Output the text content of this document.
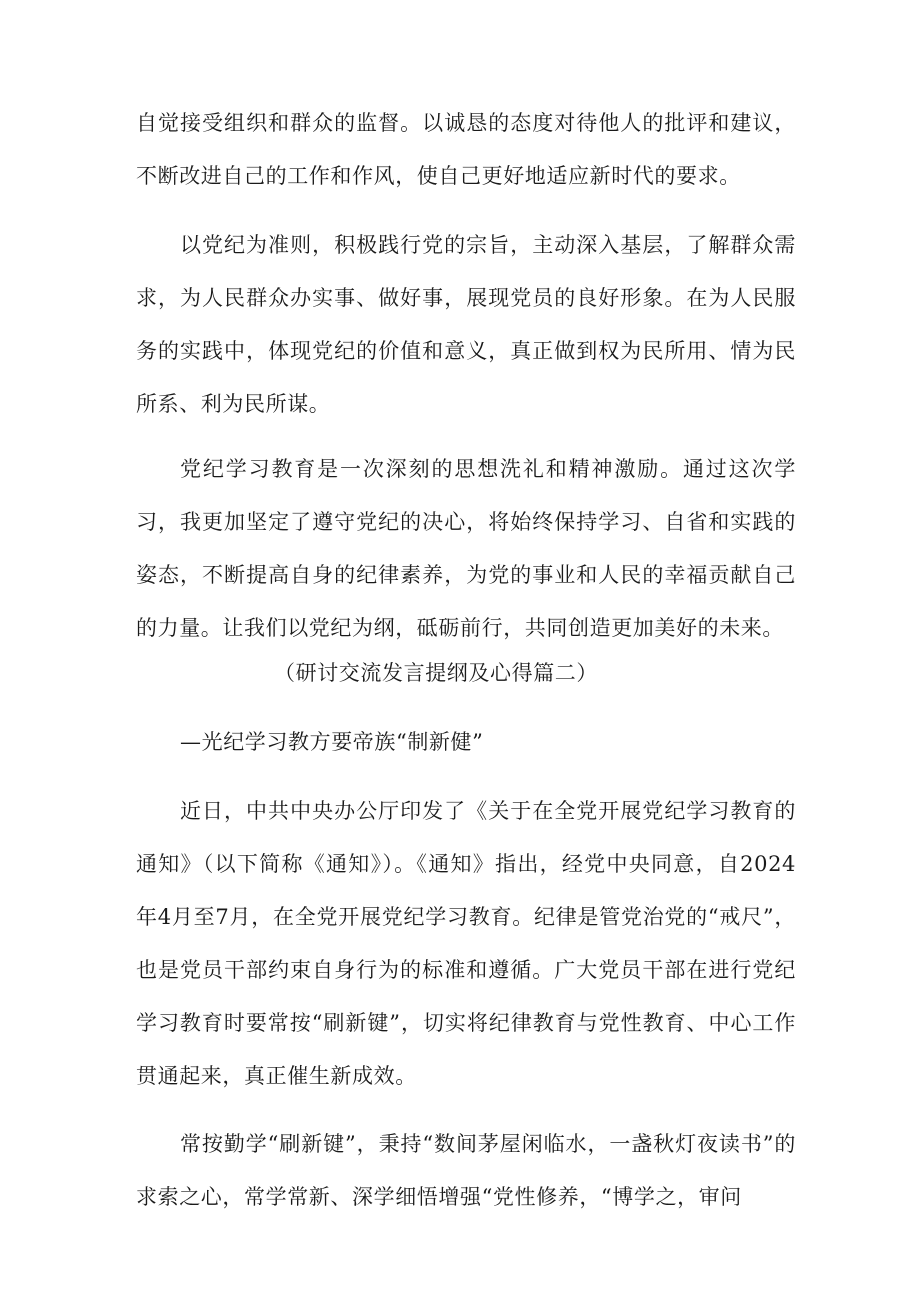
自觉接受组织和群众的监督。以诚恳的态度对待他人的批评和建议，不断改进自己的工作和作风，使自己更好地适应新时代的要求。

以党纪为准则，积极践行党的宗旨，主动深入基层，了解群众需求，为人民群众办实事、做好事，展现党员的良好形象。在为人民服务的实践中，体现党纪的价值和意义，真正做到权为民所用、情为民所系、利为民所谋。

党纪学习教育是一次深刻的思想洗礼和精神激励。通过这次学习，我更加坚定了遵守党纪的决心，将始终保持学习、自省和实践的姿态，不断提高自身的纪律素养，为党的事业和人民的幸福贡献自己的力量。让我们以党纪为纲，砥砺前行，共同创造更加美好的未来。

（研讨交流发言提纲及心得篇二）

—光纪学习教方要帝族“制新健”

近日，中共中央办公厅印发了《关于在全党开展党纪学习教育的通知》（以下简称《通知》）。《通知》指出，经党中央同意，自2024年4月至7月，在全党开展党纪学习教育。纪律是管党治党的“戒尺”，也是党员干部约束自身行为的标准和遵循。广大党员干部在进行党纪学习教育时要常按“刷新键”，切实将纪律教育与党性教育、中心工作贯通起来，真正催生新成效。

常按勤学“刷新键”，秉持“数间茅屋闲临水，一盏秋灯夜读书”的求索之心，常学常新、深学细悟增强“党性修养，“博学之，审问
